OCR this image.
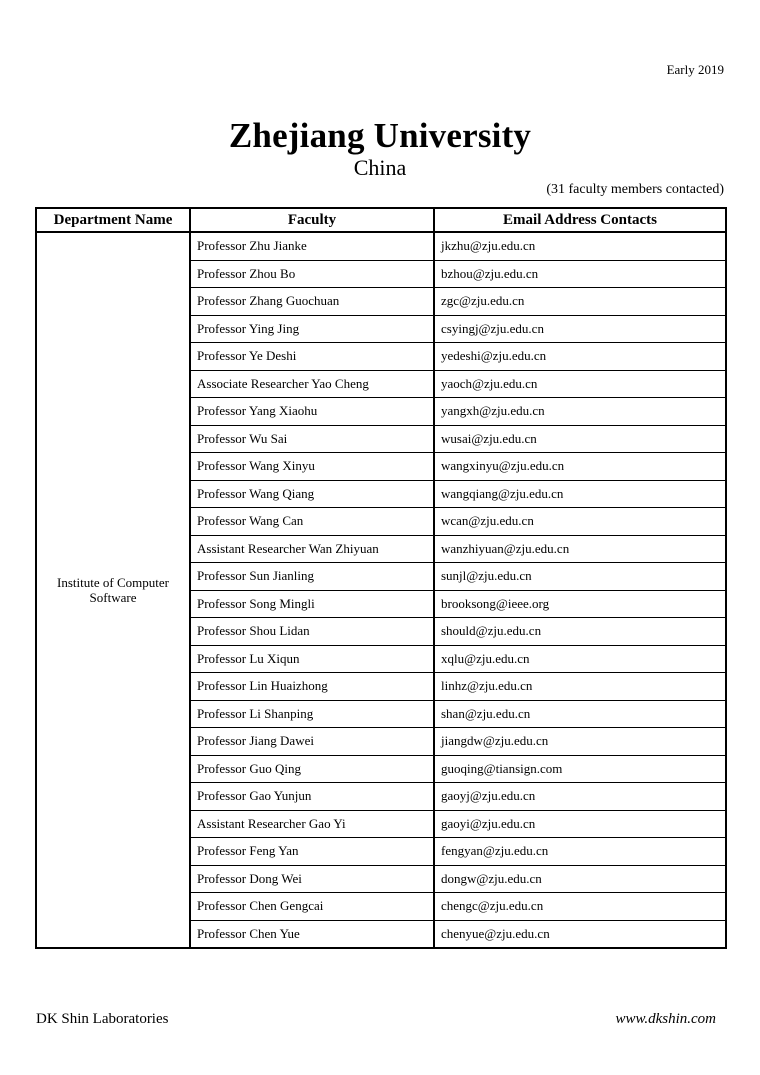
Early 2019
Zhejiang University
China
(31 faculty members contacted)
Department Name	Faculty	Email Address Contacts
Institute of Computer Software	Professor Zhu Jianke	jkzhu@zju.edu.cn
	Professor Zhou Bo	bzhou@zju.edu.cn
	Professor Zhang Guochuan	zgc@zju.edu.cn
	Professor Ying Jing	csyingj@zju.edu.cn
	Professor Ye Deshi	yedeshi@zju.edu.cn
	Associate Researcher Yao Cheng	yaoch@zju.edu.cn
	Professor Yang Xiaohu	yangxh@zju.edu.cn
	Professor Wu Sai	wusai@zju.edu.cn
	Professor Wang Xinyu	wangxinyu@zju.edu.cn
	Professor Wang Qiang	wangqiang@zju.edu.cn
	Professor Wang Can	wcan@zju.edu.cn
	Assistant Researcher Wan Zhiyuan	wanzhiyuan@zju.edu.cn
	Professor Sun Jianling	sunjl@zju.edu.cn
	Professor Song Mingli	brooksong@ieee.org
	Professor Shou Lidan	should@zju.edu.cn
	Professor Lu Xiqun	xqlu@zju.edu.cn
	Professor Lin Huaizhong	linhz@zju.edu.cn
	Professor Li Shanping	shan@zju.edu.cn
	Professor Jiang Dawei	jiangdw@zju.edu.cn
	Professor Guo Qing	guoqing@tiansign.com
	Professor Gao Yunjun	gaoyj@zju.edu.cn
	Assistant Researcher Gao Yi	gaoyi@zju.edu.cn
	Professor Feng Yan	fengyan@zju.edu.cn
	Professor Dong Wei	dongw@zju.edu.cn
	Professor Chen Gengcai	chengc@zju.edu.cn
	Professor Chen Yue	chenyue@zju.edu.cn
DK Shin Laboratories	www.dkshin.com
